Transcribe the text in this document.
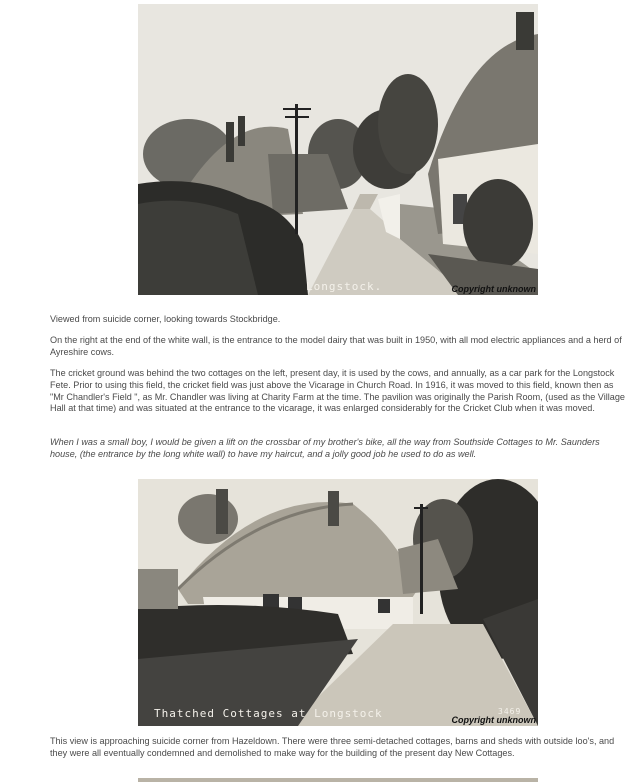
Longstock.	Copyright unknown

Viewed from suicide corner, looking towards Stockbridge.

On the right at the end of the white wall, is the entrance to the model dairy that was built in 1950, with all mod electric appliances and a herd of Ayreshire cows.

The cricket ground was behind the two cottages on the left, present day, it is used by the cows, and annually, as a car park for the Longstock Fete. Prior to using this field, the cricket field was just above the Vicarage in Church Road. In 1916, it was moved to this field, known then as "Mr Chandler's Field ", as Mr. Chandler was living at Charity Farm at the time. The pavilion was originally the Parish Room, (used as the Village Hall at that time) and was situated at the entrance to the vicarage, it was enlarged considerably for the Cricket Club when it was moved.

When I was a small boy, I would be given a lift on the crossbar of my brother's bike, all the way from Southside Cottages to Mr. Saunders house, (the entrance by the long white wall) to have my haircut, and a jolly good job he used to do as well.

Thatched Cottages at Longstock	3469
Copyright unknown

This view is approaching suicide corner from Hazeldown. There were three semi-detached cottages, barns and sheds with outside loo's, and they were all eventually condemned and demolished to make way for the building of the present day New Cottages.
